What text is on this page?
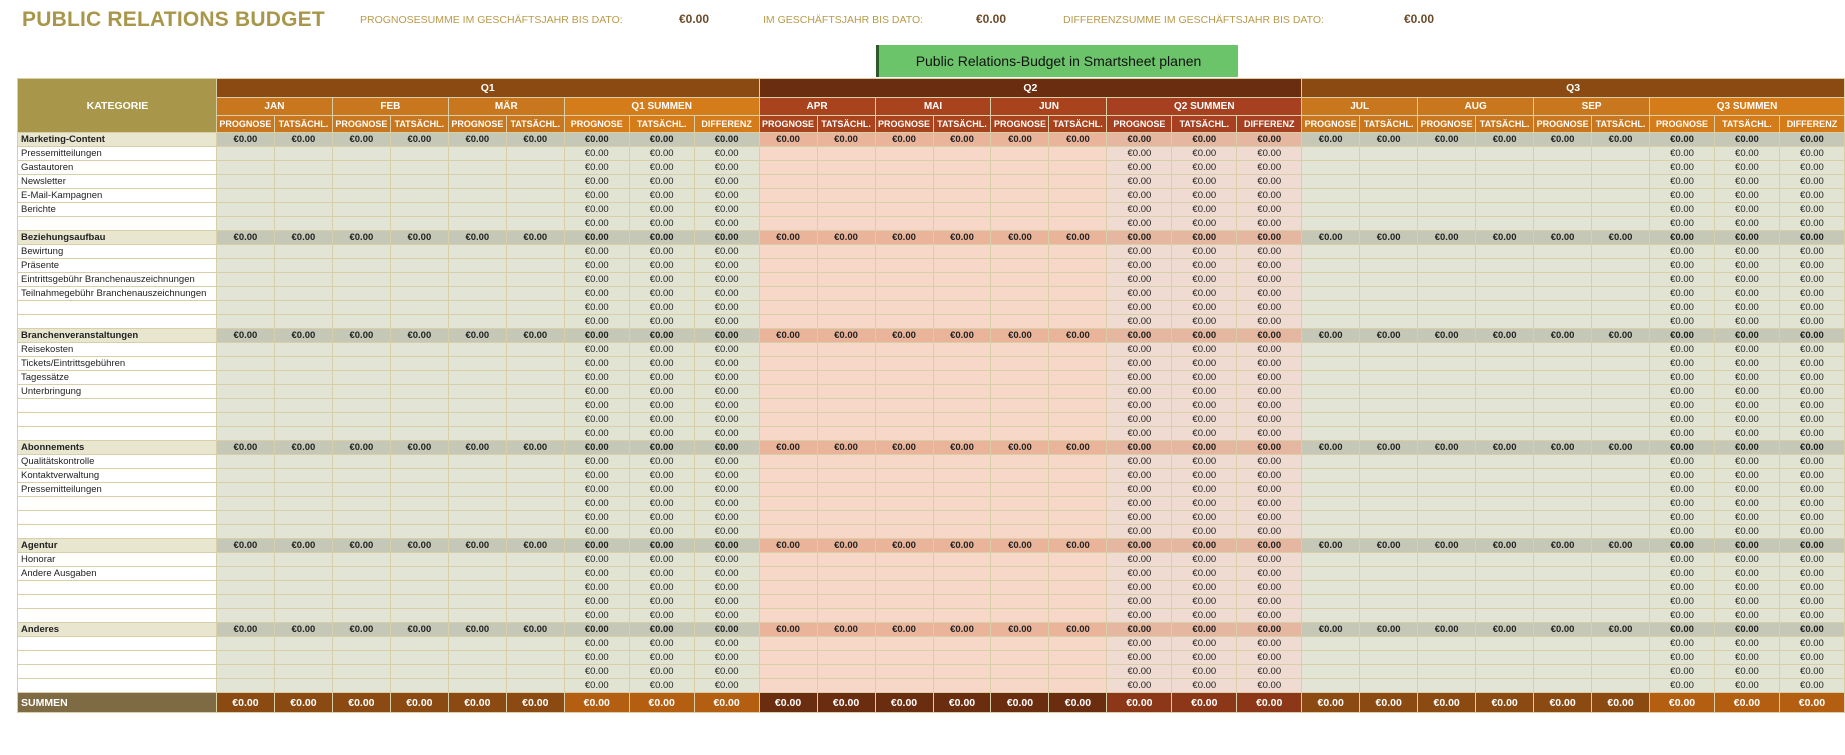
PUBLIC RELATIONS BUDGET	PROGNOSESUMME IM GESCHÄFTSJAHR BIS DATO:	€0.00	IM GESCHÄFTSJAHR BIS DATO:	€0.00	DIFFERENZSUMME IM GESCHÄFTSJAHR BIS DATO:	€0.00
Public Relations-Budget in Smartsheet planen
KATEGORIE	Q1									Q2									Q3								
	JAN		FEB		MÄR		Q1 SUMMEN			APR		MAI		JUN		Q2 SUMMEN			JUL		AUG		SEP		Q3 SUMMEN		
	PROGNOSE	TATSÄCHL.	PROGNOSE	TATSÄCHL.	PROGNOSE	TATSÄCHL.	PROGNOSE	TATSÄCHL.	DIFFERENZ	PROGNOSE	TATSÄCHL.	PROGNOSE	TATSÄCHL.	PROGNOSE	TATSÄCHL.	PROGNOSE	TATSÄCHL.	DIFFERENZ	PROGNOSE	TATSÄCHL.	PROGNOSE	TATSÄCHL.	PROGNOSE	TATSÄCHL.	PROGNOSE	TATSÄCHL.	DIFFERENZ
Marketing-Content	€0.00	€0.00	€0.00	€0.00	€0.00	€0.00	€0.00	€0.00	€0.00	€0.00	€0.00	€0.00	€0.00	€0.00	€0.00	€0.00	€0.00	€0.00	€0.00	€0.00	€0.00	€0.00	€0.00	€0.00	€0.00	€0.00	€0.00
Pressemitteilungen							€0.00	€0.00	€0.00							€0.00	€0.00	€0.00							€0.00	€0.00	€0.00
Gastautoren							€0.00	€0.00	€0.00							€0.00	€0.00	€0.00							€0.00	€0.00	€0.00
Newsletter							€0.00	€0.00	€0.00							€0.00	€0.00	€0.00							€0.00	€0.00	€0.00
E-Mail-Kampagnen							€0.00	€0.00	€0.00							€0.00	€0.00	€0.00							€0.00	€0.00	€0.00
Berichte							€0.00	€0.00	€0.00							€0.00	€0.00	€0.00							€0.00	€0.00	€0.00
							€0.00	€0.00	€0.00							€0.00	€0.00	€0.00							€0.00	€0.00	€0.00
Beziehungsaufbau	€0.00	€0.00	€0.00	€0.00	€0.00	€0.00	€0.00	€0.00	€0.00	€0.00	€0.00	€0.00	€0.00	€0.00	€0.00	€0.00	€0.00	€0.00	€0.00	€0.00	€0.00	€0.00	€0.00	€0.00	€0.00	€0.00	€0.00
Bewirtung							€0.00	€0.00	€0.00							€0.00	€0.00	€0.00							€0.00	€0.00	€0.00
Präsente							€0.00	€0.00	€0.00							€0.00	€0.00	€0.00							€0.00	€0.00	€0.00
Eintrittsgebühr Branchenauszeichnungen							€0.00	€0.00	€0.00							€0.00	€0.00	€0.00							€0.00	€0.00	€0.00
Teilnahmegebühr Branchenauszeichnungen							€0.00	€0.00	€0.00							€0.00	€0.00	€0.00							€0.00	€0.00	€0.00
							€0.00	€0.00	€0.00							€0.00	€0.00	€0.00							€0.00	€0.00	€0.00
							€0.00	€0.00	€0.00							€0.00	€0.00	€0.00							€0.00	€0.00	€0.00
Branchenveranstaltungen	€0.00	€0.00	€0.00	€0.00	€0.00	€0.00	€0.00	€0.00	€0.00	€0.00	€0.00	€0.00	€0.00	€0.00	€0.00	€0.00	€0.00	€0.00	€0.00	€0.00	€0.00	€0.00	€0.00	€0.00	€0.00	€0.00	€0.00
Reisekosten							€0.00	€0.00	€0.00							€0.00	€0.00	€0.00							€0.00	€0.00	€0.00
Tickets/Eintrittsgebühren							€0.00	€0.00	€0.00							€0.00	€0.00	€0.00							€0.00	€0.00	€0.00
Tagessätze							€0.00	€0.00	€0.00							€0.00	€0.00	€0.00							€0.00	€0.00	€0.00
Unterbringung							€0.00	€0.00	€0.00							€0.00	€0.00	€0.00							€0.00	€0.00	€0.00
							€0.00	€0.00	€0.00							€0.00	€0.00	€0.00							€0.00	€0.00	€0.00
							€0.00	€0.00	€0.00							€0.00	€0.00	€0.00							€0.00	€0.00	€0.00
							€0.00	€0.00	€0.00							€0.00	€0.00	€0.00							€0.00	€0.00	€0.00
Abonnements	€0.00	€0.00	€0.00	€0.00	€0.00	€0.00	€0.00	€0.00	€0.00	€0.00	€0.00	€0.00	€0.00	€0.00	€0.00	€0.00	€0.00	€0.00	€0.00	€0.00	€0.00	€0.00	€0.00	€0.00	€0.00	€0.00	€0.00
Qualitätskontrolle							€0.00	€0.00	€0.00							€0.00	€0.00	€0.00							€0.00	€0.00	€0.00
Kontaktverwaltung							€0.00	€0.00	€0.00							€0.00	€0.00	€0.00							€0.00	€0.00	€0.00
Pressemitteilungen							€0.00	€0.00	€0.00							€0.00	€0.00	€0.00							€0.00	€0.00	€0.00
							€0.00	€0.00	€0.00							€0.00	€0.00	€0.00							€0.00	€0.00	€0.00
							€0.00	€0.00	€0.00							€0.00	€0.00	€0.00							€0.00	€0.00	€0.00
							€0.00	€0.00	€0.00							€0.00	€0.00	€0.00							€0.00	€0.00	€0.00
Agentur	€0.00	€0.00	€0.00	€0.00	€0.00	€0.00	€0.00	€0.00	€0.00	€0.00	€0.00	€0.00	€0.00	€0.00	€0.00	€0.00	€0.00	€0.00	€0.00	€0.00	€0.00	€0.00	€0.00	€0.00	€0.00	€0.00	€0.00
Honorar							€0.00	€0.00	€0.00							€0.00	€0.00	€0.00							€0.00	€0.00	€0.00
Andere Ausgaben							€0.00	€0.00	€0.00							€0.00	€0.00	€0.00							€0.00	€0.00	€0.00
							€0.00	€0.00	€0.00							€0.00	€0.00	€0.00							€0.00	€0.00	€0.00
							€0.00	€0.00	€0.00							€0.00	€0.00	€0.00							€0.00	€0.00	€0.00
							€0.00	€0.00	€0.00							€0.00	€0.00	€0.00							€0.00	€0.00	€0.00
Anderes	€0.00	€0.00	€0.00	€0.00	€0.00	€0.00	€0.00	€0.00	€0.00	€0.00	€0.00	€0.00	€0.00	€0.00	€0.00	€0.00	€0.00	€0.00	€0.00	€0.00	€0.00	€0.00	€0.00	€0.00	€0.00	€0.00	€0.00
							€0.00	€0.00	€0.00							€0.00	€0.00	€0.00							€0.00	€0.00	€0.00
							€0.00	€0.00	€0.00							€0.00	€0.00	€0.00							€0.00	€0.00	€0.00
							€0.00	€0.00	€0.00							€0.00	€0.00	€0.00							€0.00	€0.00	€0.00
							€0.00	€0.00	€0.00							€0.00	€0.00	€0.00							€0.00	€0.00	€0.00
SUMMEN	€0.00	€0.00	€0.00	€0.00	€0.00	€0.00	€0.00	€0.00	€0.00	€0.00	€0.00	€0.00	€0.00	€0.00	€0.00	€0.00	€0.00	€0.00	€0.00	€0.00	€0.00	€0.00	€0.00	€0.00	€0.00	€0.00	€0.00
